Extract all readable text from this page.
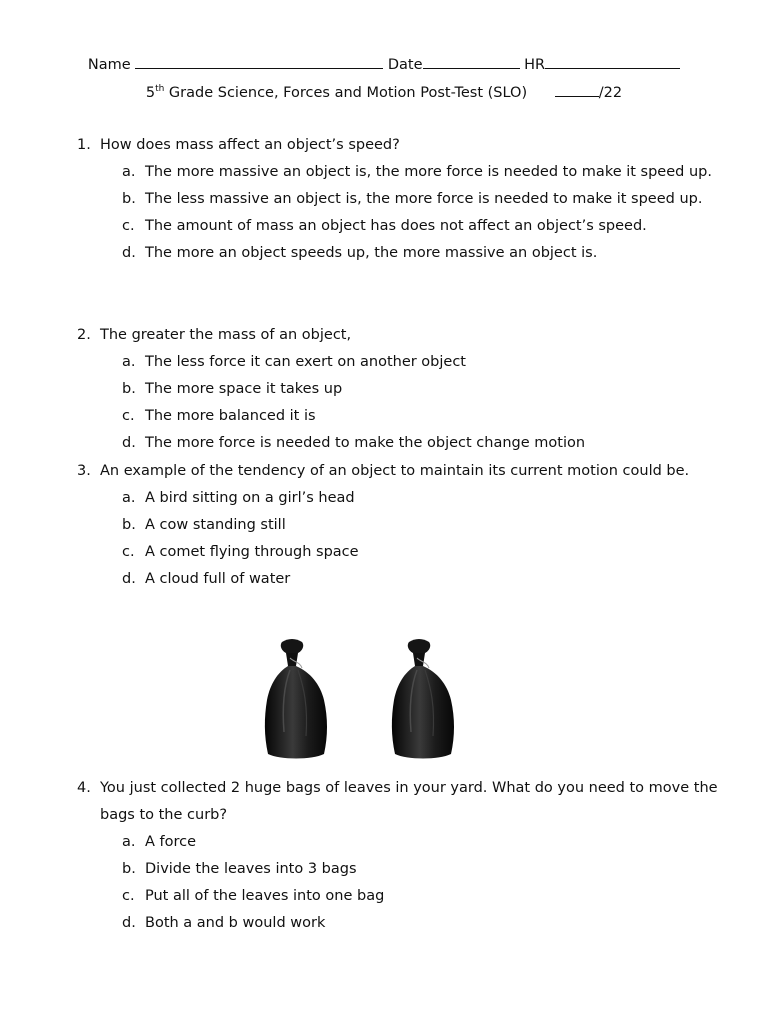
Name	Date	HR
5th Grade Science, Forces and Motion Post-Test (SLO)	/22
1. How does mass affect an object’s speed?
a. The more massive an object is, the more force is needed to make it speed up.
b. The less massive an object is, the more force is needed to make it speed up.
c. The amount of mass an object has does not affect an object’s speed.
d. The more an object speeds up, the more massive an object is.
2. The greater the mass of an object,
a. The less force it can exert on another object
b. The more space it takes up
c. The more balanced it is
d. The more force is needed to make the object change motion
3. An example of the tendency of an object to maintain its current motion could be.
a. A bird sitting on a girl’s head
b. A cow standing still
c. A comet flying through space
d. A cloud full of water
4. You just collected 2 huge bags of leaves in your yard. What do you need to move the bags to the curb?
a. A force
b. Divide the leaves into 3 bags
c. Put all of the leaves into one bag
d. Both a and b would work
